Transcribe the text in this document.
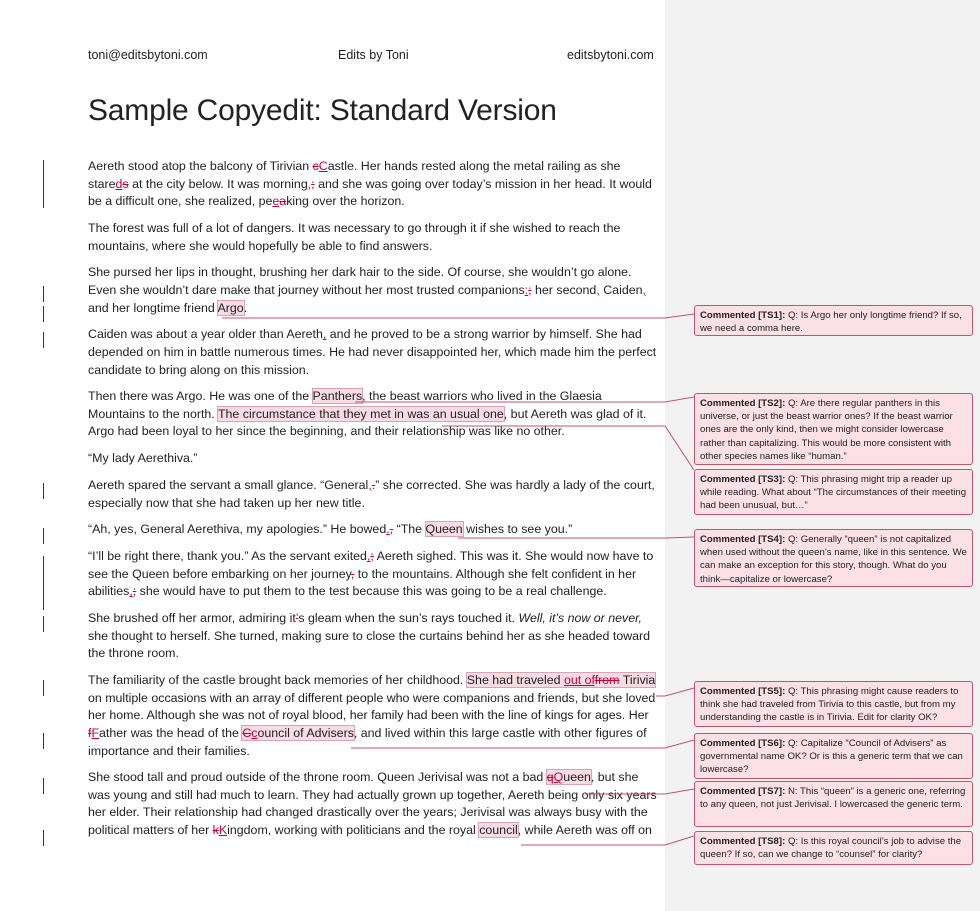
toni@editsbytoni.com	Edits by Toni	editsbytoni.com
Sample Copyedit: Standard Version

Aereth stood atop the balcony of Tirivian cCastle. Her hands rested along the metal railing as she stareds at the city below. It was morning,; and she was going over today’s mission in her head. It would be a difficult one, she realized, peeaking over the horizon.

The forest was full of a lot of dangers. It was necessary to go through it if she wished to reach the mountains, where she would hopefully be able to find answers.

She pursed her lips in thought, brushing her dark hair to the side. Of course, she wouldn’t go alone. Even she wouldn’t dare make that journey without her most trusted companions:; her second, Caiden, and her longtime friend Argo.

Caiden was about a year older than Aereth, and he proved to be a strong warrior by himself. She had depended on him in battle numerous times. He had never disappointed her, which made him the perfect candidate to bring along on this mission.

Then there was Argo. He was one of the Panthers, the beast warriors who lived in the Glaesia Mountains to the north. The circumstance that they met in was an usual one, but Aereth was glad of it. Argo had been loyal to her since the beginning, and their relationship was like no other.

“My lady Aerethiva.”

Aereth spared the servant a small glance. “General,.” she corrected. She was hardly a lady of the court, especially now that she had taken up her new title.

“Ah, yes, General Aerethiva, my apologies.” He bowed., “The Queen wishes to see you.”

“I’ll be right there, thank you.” As the servant exited,; Aereth sighed. This was it. She would now have to see the Queen before embarking on her journey, to the mountains. Although she felt confident in her abilities,; she would have to put them to the test because this was going to be a real challenge.

She brushed off her armor, admiring it’s gleam when the sun’s rays touched it. Well, it’s now or never, she thought to herself. She turned, making sure to close the curtains behind her as she headed toward the throne room.

The familiarity of the castle brought back memories of her childhood. She had traveled out offrom Tirivia on multiple occasions with an array of different people who were companions and friends, but she loved her home. Although she was not of royal blood, her family had been with the line of kings for ages. Her fFather was the head of the Ccouncil of Advisers, and lived within this large castle with other figures of importance and their families.

She stood tall and proud outside of the throne room. Queen Jerivisal was not a bad qQueen, but she was young and still had much to learn. They had actually grown up together, Aereth being only six years her elder. Their relationship had changed drastically over the years; Jerivisal was always busy with the political matters of her kKingdom, working with politicians and the royal council, while Aereth was off on

Commented [TS1]: Q: Is Argo her only longtime friend? If so, we need a comma here.
Commented [TS2]: Q: Are there regular panthers in this universe, or just the beast warrior ones? If the beast warrior ones are the only kind, then we might consider lowercase rather than capitalizing. This would be more consistent with other species names like “human.”
Commented [TS3]: Q: This phrasing might trip a reader up while reading. What about “The circumstances of their meeting had been unusual, but…”
Commented [TS4]: Q: Generally “queen” is not capitalized when used without the queen’s name, like in this sentence. We can make an exception for this story, though. What do you think—capitalize or lowercase?
Commented [TS5]: Q: This phrasing might cause readers to think she had traveled from Tirivia to this castle, but from my understanding the castle is in Tirivia. Edit for clarity OK?
Commented [TS6]: Q: Capitalize “Council of Advisers” as governmental name OK? Or is this a generic term that we can lowercase?
Commented [TS7]: N: This “queen” is a generic one, referring to any queen, not just Jerivisal. I lowercased the generic term.
Commented [TS8]: Q: Is this royal council’s job to advise the queen? If so, can we change to “counsel” for clarity?
